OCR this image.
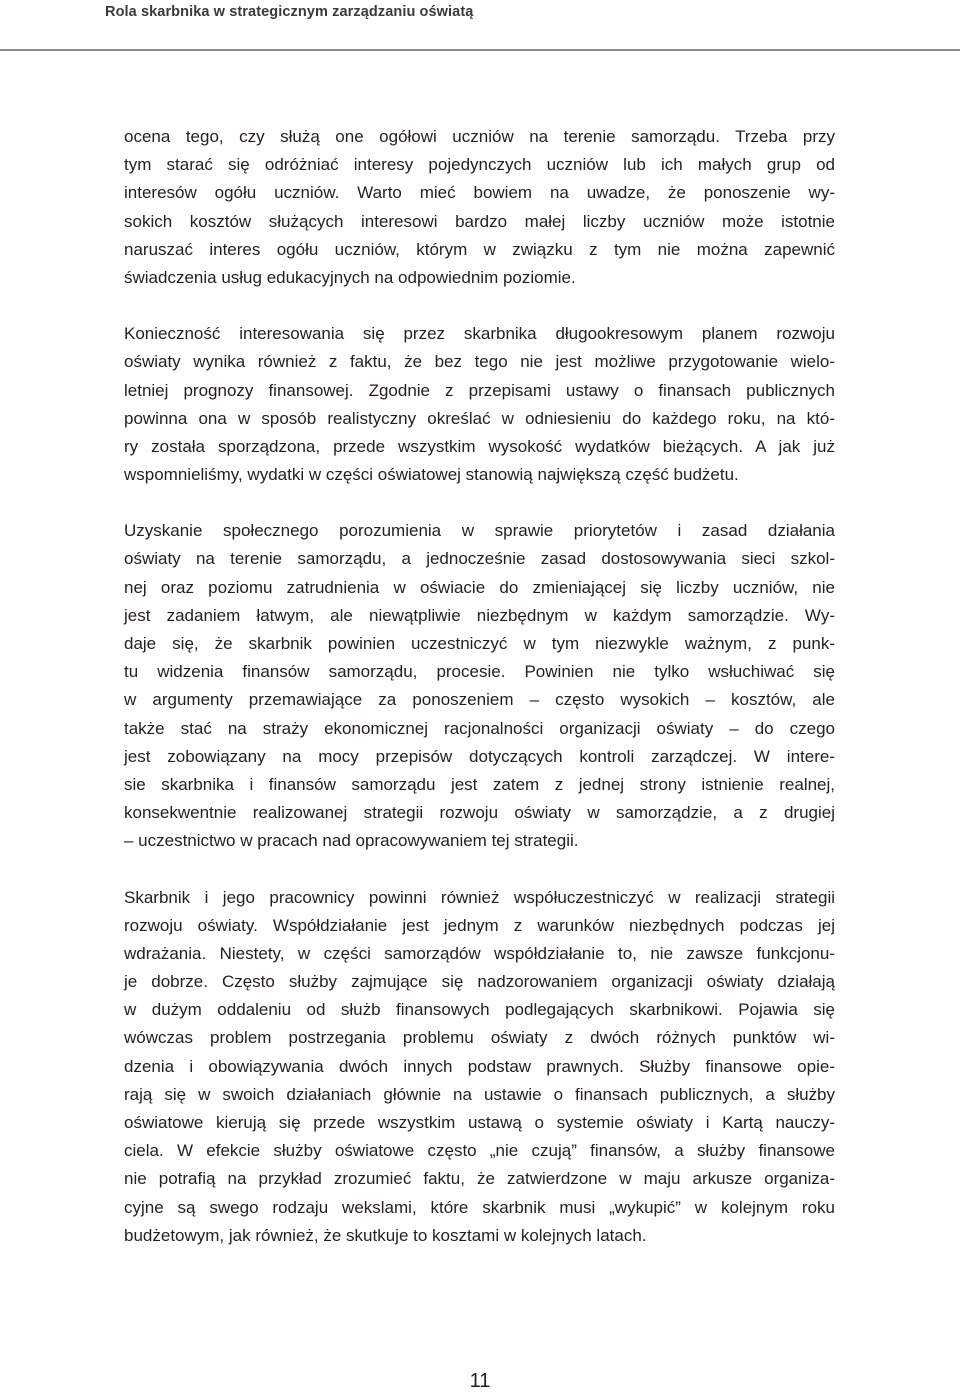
Rola skarbnika w strategicznym zarządzaniu oświatą

ocena tego, czy służą one ogółowi uczniów na terenie samorządu. Trzeba przy
tym starać się odróżniać interesy pojedynczych uczniów lub ich małych grup od
interesów ogółu uczniów. Warto mieć bowiem na uwadze, że ponoszenie wy-
sokich kosztów służących interesowi bardzo małej liczby uczniów może istotnie
naruszać interes ogółu uczniów, którym w związku z tym nie można zapewnić
świadczenia usług edukacyjnych na odpowiednim poziomie.

Konieczność interesowania się przez skarbnika długookresowym planem rozwoju
oświaty wynika również z faktu, że bez tego nie jest możliwe przygotowanie wielo-
letniej prognozy finansowej. Zgodnie z przepisami ustawy o finansach publicznych
powinna ona w sposób realistyczny określać w odniesieniu do każdego roku, na któ-
ry została sporządzona, przede wszystkim wysokość wydatków bieżących. A jak już
wspomnieliśmy, wydatki w części oświatowej stanowią największą część budżetu.

Uzyskanie społecznego porozumienia w sprawie priorytetów i zasad działania
oświaty na terenie samorządu, a jednocześnie zasad dostosowywania sieci szkol-
nej oraz poziomu zatrudnienia w oświacie do zmieniającej się liczby uczniów, nie
jest zadaniem łatwym, ale niewątpliwie niezbędnym w każdym samorządzie. Wy-
daje się, że skarbnik powinien uczestniczyć w tym niezwykle ważnym, z punk-
tu widzenia finansów samorządu, procesie. Powinien nie tylko wsłuchiwać się
w argumenty przemawiające za ponoszeniem – często wysokich – kosztów, ale
także stać na straży ekonomicznej racjonalności organizacji oświaty – do czego
jest zobowiązany na mocy przepisów dotyczących kontroli zarządczej. W intere-
sie skarbnika i finansów samorządu jest zatem z jednej strony istnienie realnej,
konsekwentnie realizowanej strategii rozwoju oświaty w samorządzie, a z drugiej
– uczestnictwo w pracach nad opracowywaniem tej strategii.

Skarbnik i jego pracownicy powinni również współuczestniczyć w realizacji strategii
rozwoju oświaty. Współdziałanie jest jednym z warunków niezbędnych podczas jej
wdrażania. Niestety, w części samorządów współdziałanie to, nie zawsze funkcjonu-
je dobrze. Często służby zajmujące się nadzorowaniem organizacji oświaty działają
w dużym oddaleniu od służb finansowych podlegających skarbnikowi. Pojawia się
wówczas problem postrzegania problemu oświaty z dwóch różnych punktów wi-
dzenia i obowiązywania dwóch innych podstaw prawnych. Służby finansowe opie-
rają się w swoich działaniach głównie na ustawie o finansach publicznych, a służby
oświatowe kierują się przede wszystkim ustawą o systemie oświaty i Kartą nauczy-
ciela. W efekcie służby oświatowe często „nie czują” finansów, a służby finansowe
nie potrafią na przykład zrozumieć faktu, że zatwierdzone w maju arkusze organiza-
cyjne są swego rodzaju wekslami, które skarbnik musi „wykupić” w kolejnym roku
budżetowym, jak również, że skutkuje to kosztami w kolejnych latach.

11
